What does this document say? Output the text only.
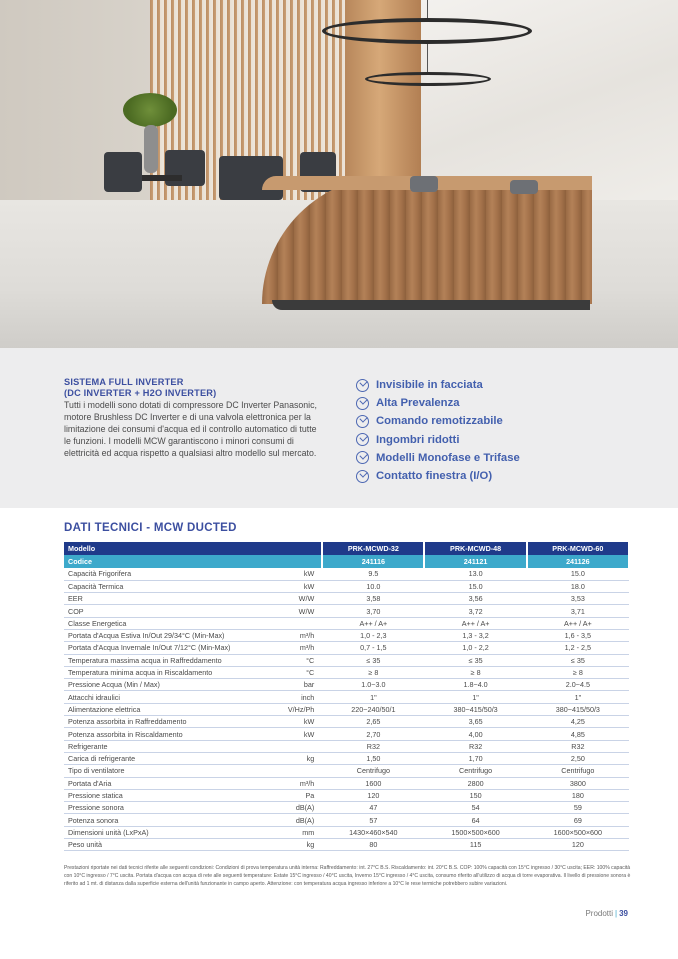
SISTEMA FULL INVERTER
(DC INVERTER + H2O INVERTER)

Tutti i modelli sono dotati di compressore DC Inverter Panasonic, motore Brushless DC Inverter e di una valvola elettronica per la limitazione dei consumi d'acqua ed il controllo automatico di tutte le funzioni. I modelli MCW garantiscono i minori consumi di elettricità ed acqua rispetto a qualsiasi altro modello sul mercato.

Invisibile in facciata
Alta Prevalenza
Comando remotizzabile
Ingombri ridotti
Modelli Monofase e Trifase
Contatto finestra (I/O)
DATI TECNICI - MCW DUCTED
Modello		PRK-MCWD-32	PRK-MCWD-48	PRK-MCWD-60
Codice		241116	241121	241126
Capacità Frigorifera	kW	9.5	13.0	15.0
Capacità Termica	kW	10.0	15.0	18.0
EER	W/W	3,58	3,56	3,53
COP	W/W	3,70	3,72	3,71
Classe Energetica		A++ / A+	A++ / A+	A++ / A+
Portata d'Acqua Estiva In/Out 29/34°C (Min-Max)	m³/h	1,0 - 2,3	1,3 - 3,2	1,6 - 3,5
Portata d'Acqua Invernale In/Out 7/12°C (Min-Max)	m³/h	0,7 - 1,5	1,0 - 2,2	1,2 - 2,5
Temperatura massima acqua in Raffreddamento	°C	≤ 35	≤ 35	≤ 35
Temperatura minima acqua in Riscaldamento	°C	≥ 8	≥ 8	≥ 8
Pressione Acqua (Min / Max)	bar	1.0~3.0	1.8~4.0	2.0~4.5
Attacchi idraulici	inch	1"	1"	1"
Alimentazione elettrica	V/Hz/Ph	220~240/50/1	380~415/50/3	380~415/50/3
Potenza assorbita in Raffreddamento	kW	2,65	3,65	4,25
Potenza assorbita in Riscaldamento	kW	2,70	4,00	4,85
Refrigerante		R32	R32	R32
Carica di refrigerante	kg	1,50	1,70	2,50
Tipo di ventilatore		Centrifugo	Centrifugo	Centrifugo
Portata d'Aria	m³/h	1600	2800	3800
Pressione statica	Pa	120	150	180
Pressione sonora	dB(A)	47	54	59
Potenza sonora	dB(A)	57	64	69
Dimensioni unità (LxPxA)	mm	1430×460×540	1500×500×600	1600×500×600
Peso unità	kg	80	115	120

Prestazioni riportate nei dati tecnici riferite alle seguenti condizioni: Condizioni di prova temperatura unità interna: Raffreddamento: int. 27°C B.S. Riscaldamento: int. 20°C B.S. COP: 100% capacità con 15°C ingresso / 30°C uscita; EER: 100% capacità con 10°C ingresso / 7°C uscita. Portata d'acqua con acqua di rete alle seguenti temperature: Estate 15°C ingresso / 40°C uscita, Inverno 15°C ingresso / 4°C uscita, consumo riferito all'utilizzo di acqua di torre evaporativa. Il livello di pressione sonora è riferito ad 1 mt. di distanza dalla superficie esterna dell'unità funzionante in campo aperto. Attenzione: con temperatura acqua ingresso inferiore a 10°C le rese termiche potrebbero subire variazioni.

Prodotti | 39
